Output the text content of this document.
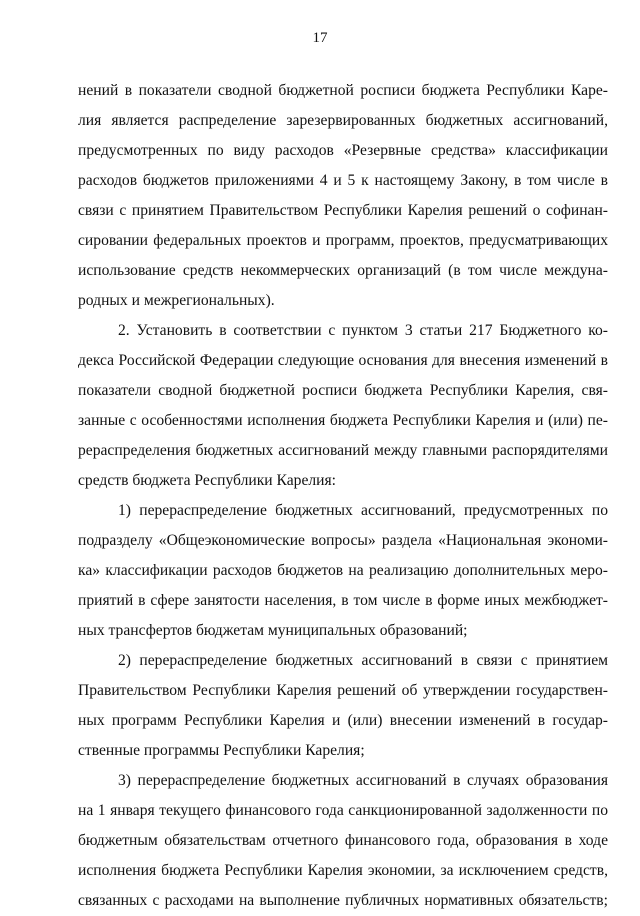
17
нений в показатели сводной бюджетной росписи бюджета Республики Каре-
лия является распределение зарезервированных бюджетных ассигнований,
предусмотренных по виду расходов «Резервные средства» классификации
расходов бюджетов приложениями 4 и 5 к настоящему Закону, в том числе в
связи с принятием Правительством Республики Карелия решений о софинан-
сировании федеральных проектов и программ, проектов, предусматривающих
использование средств некоммерческих организаций (в том числе междуна-
родных и межрегиональных).
2. Установить в соответствии с пунктом 3 статьи 217 Бюджетного ко-
декса Российской Федерации следующие основания для внесения изменений в
показатели сводной бюджетной росписи бюджета Республики Карелия, свя-
занные с особенностями исполнения бюджета Республики Карелия и (или) пе-
рераспределения бюджетных ассигнований между главными распорядителями
средств бюджета Республики Карелия:
1) перераспределение бюджетных ассигнований, предусмотренных по
подразделу «Общеэкономические вопросы» раздела «Национальная экономи-
ка» классификации расходов бюджетов на реализацию дополнительных меро-
приятий в сфере занятости населения, в том числе в форме иных межбюджет-
ных трансфертов бюджетам муниципальных образований;
2) перераспределение бюджетных ассигнований в связи с принятием
Правительством Республики Карелия решений об утверждении государствен-
ных программ Республики Карелия и (или) внесении изменений в государ-
ственные программы Республики Карелия;
3) перераспределение бюджетных ассигнований в случаях образования
на 1 января текущего финансового года санкционированной задолженности по
бюджетным обязательствам отчетного финансового года, образования в ходе
исполнения бюджета Республики Карелия экономии, за исключением средств,
связанных с расходами на выполнение публичных нормативных обязательств;
